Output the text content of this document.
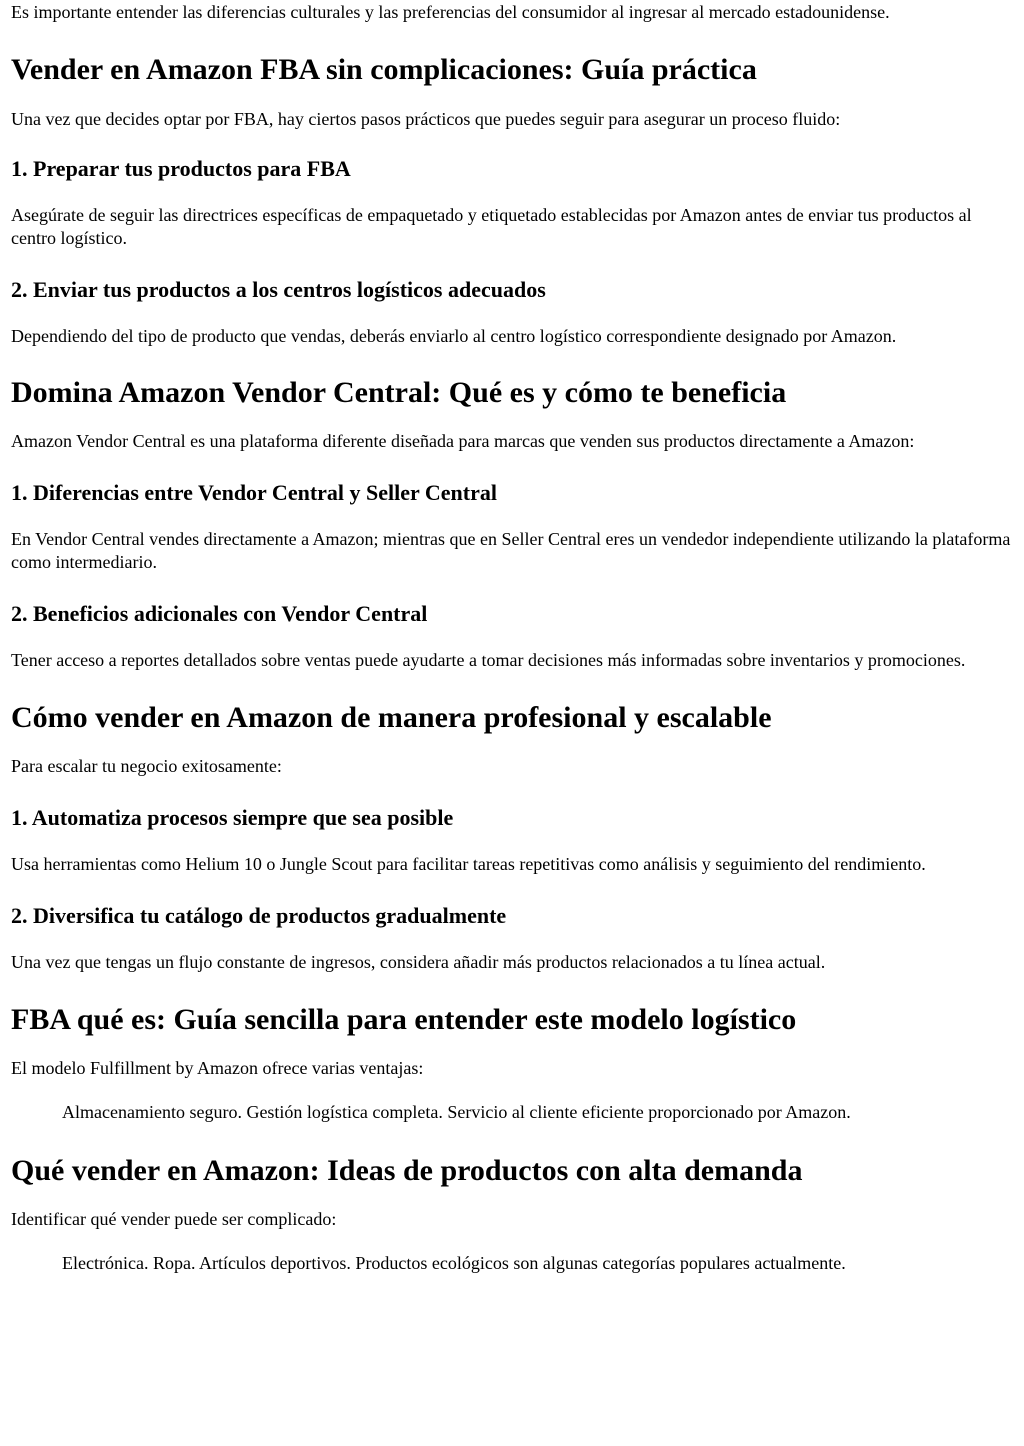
Es importante entender las diferencias culturales y las preferencias del consumidor al ingresar al mercado estadounidense.

Vender en Amazon FBA sin complicaciones: Guía práctica

Una vez que decides optar por FBA, hay ciertos pasos prácticos que puedes seguir para asegurar un proceso fluido:

1. Preparar tus productos para FBA

Asegúrate de seguir las directrices específicas de empaquetado y etiquetado establecidas por Amazon antes de enviar tus productos al centro logístico.

2. Enviar tus productos a los centros logísticos adecuados

Dependiendo del tipo de producto que vendas, deberás enviarlo al centro logístico correspondiente designado por Amazon.

Domina Amazon Vendor Central: Qué es y cómo te beneficia

Amazon Vendor Central es una plataforma diferente diseñada para marcas que venden sus productos directamente a Amazon:

1. Diferencias entre Vendor Central y Seller Central

En Vendor Central vendes directamente a Amazon; mientras que en Seller Central eres un vendedor independiente utilizando la plataforma como intermediario.

2. Beneficios adicionales con Vendor Central

Tener acceso a reportes detallados sobre ventas puede ayudarte a tomar decisiones más informadas sobre inventarios y promociones.

Cómo vender en Amazon de manera profesional y escalable

Para escalar tu negocio exitosamente:

1. Automatiza procesos siempre que sea posible

Usa herramientas como Helium 10 o Jungle Scout para facilitar tareas repetitivas como análisis y seguimiento del rendimiento.

2. Diversifica tu catálogo de productos gradualmente

Una vez que tengas un flujo constante de ingresos, considera añadir más productos relacionados a tu línea actual.

FBA qué es: Guía sencilla para entender este modelo logístico

El modelo Fulfillment by Amazon ofrece varias ventajas:

Almacenamiento seguro. Gestión logística completa. Servicio al cliente eficiente proporcionado por Amazon.
Qué vender en Amazon: Ideas de productos con alta demanda

Identificar qué vender puede ser complicado:

Electrónica. Ropa. Artículos deportivos. Productos ecológicos son algunas categorías populares actualmente.
